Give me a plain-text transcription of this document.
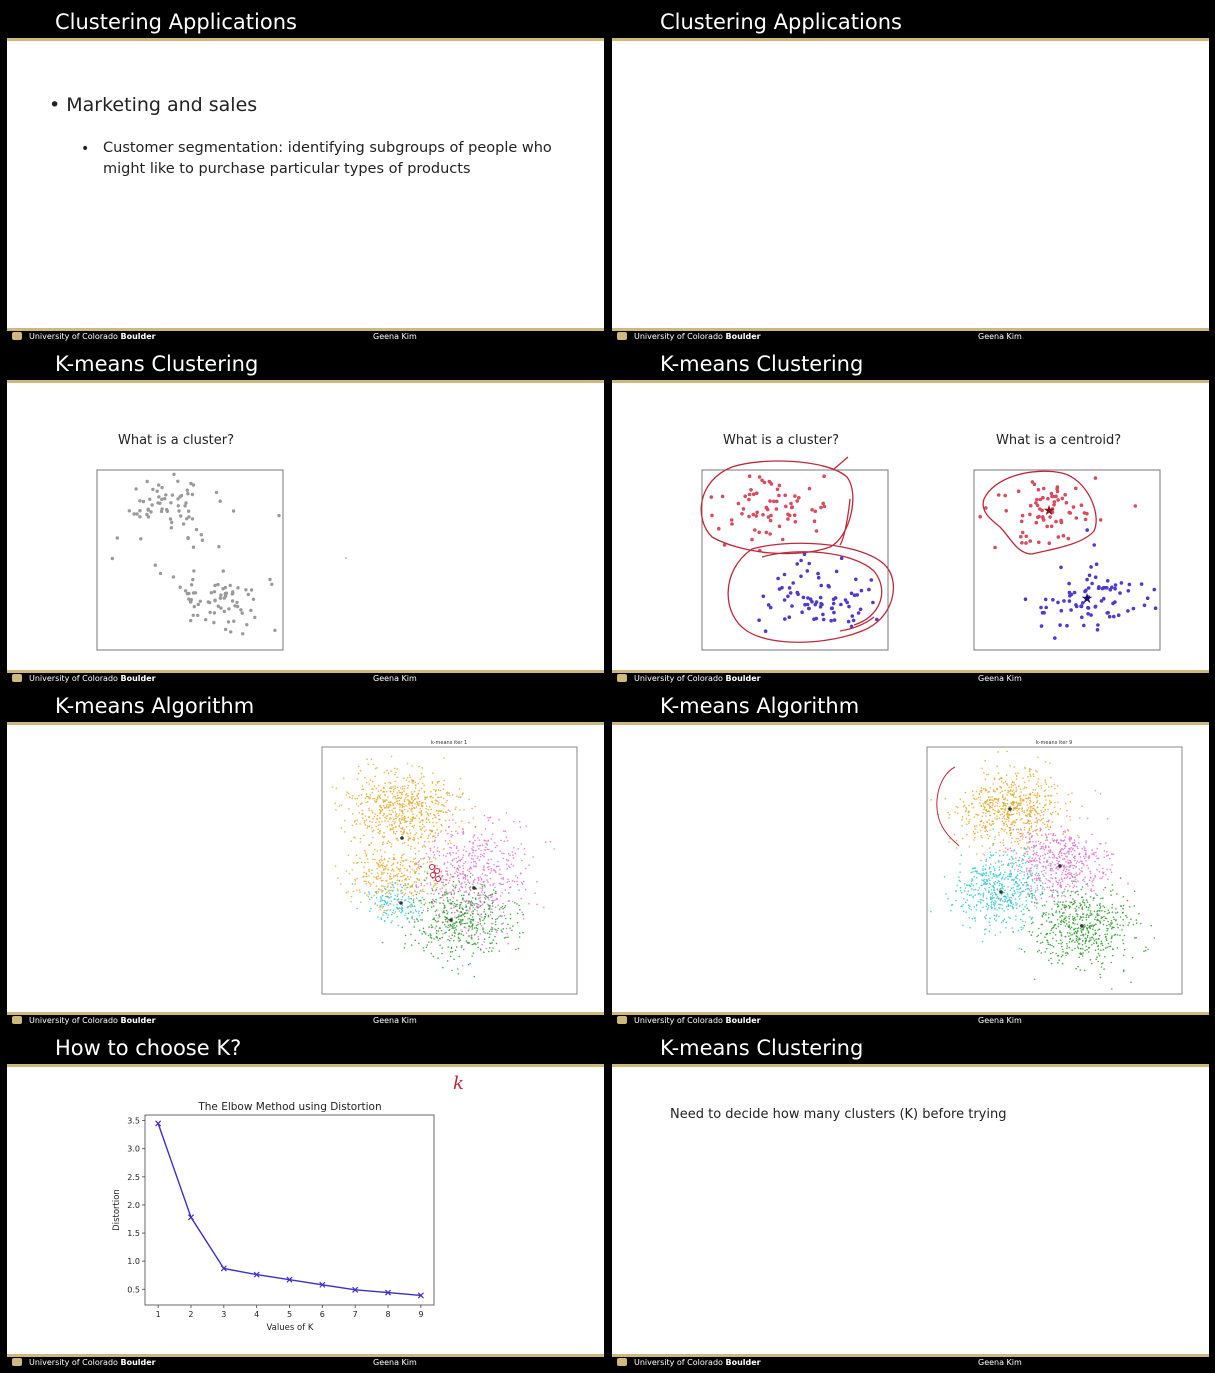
Clustering Applications
• Marketing and sales
• Customer segmentation: identifying subgroups of people who
might like to purchase particular types of products
University of Colorado Boulder	Geena Kim
Clustering Applications
University of Colorado Boulder	Geena Kim
K-means Clustering
What is a cluster?
University of Colorado Boulder	Geena Kim
K-means Clustering
What is a cluster?	What is a centroid?
★
★
University of Colorado Boulder	Geena Kim
K-means Algorithm
k-means iter 1
University of Colorado Boulder	Geena Kim
K-means Algorithm
k-means iter 9
University of Colorado Boulder	Geena Kim
How to choose K?
k
The Elbow Method using Distortion
Values of K
Distortion
1	2	3	4	5	6	7	8	9
0.5
1.0
1.5
2.0
2.5
3.0
3.5
University of Colorado Boulder	Geena Kim
K-means Clustering
Need to decide how many clusters (K) before trying
University of Colorado Boulder	Geena Kim
